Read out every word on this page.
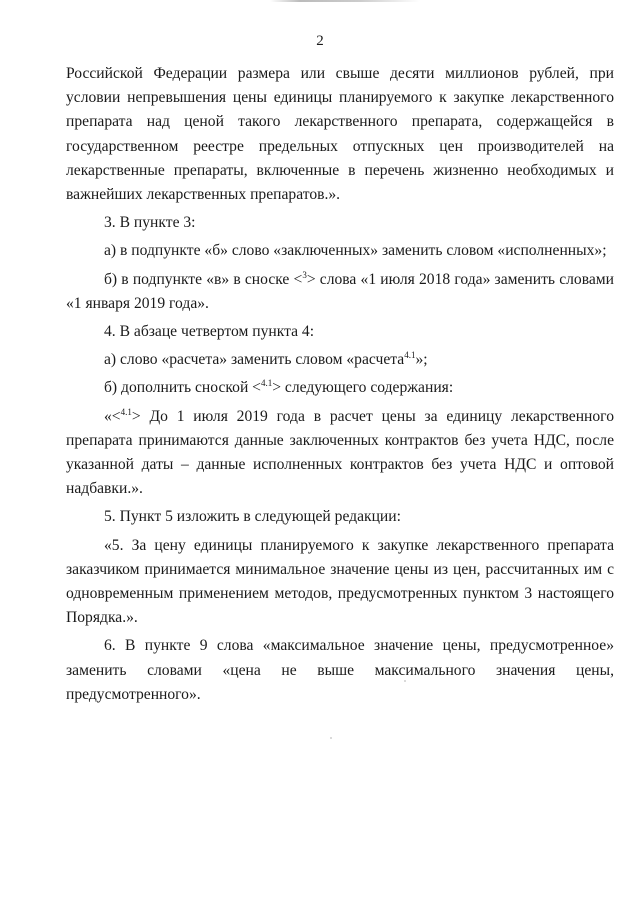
2

Российской Федерации размера или свыше десяти миллионов рублей, при условии непревышения цены единицы планируемого к закупке лекарственного препарата над ценой такого лекарственного препарата, содержащейся в государственном реестре предельных отпускных цен производителей на лекарственные препараты, включенные в перечень жизненно необходимых и важнейших лекарственных препаратов.».

3. В пункте 3:

а) в подпункте «б» слово «заключенных» заменить словом «исполненных»;

б) в подпункте «в» в сноске <$^3$> слова «1 июля 2018 года» заменить словами «1 января 2019 года».

4. В абзаце четвертом пункта 4:

а) слово «расчета» заменить словом «расчета$^{4.1}$»;

б) дополнить сноской <$^{4.1}$> следующего содержания:

«<$^{4.1}$> До 1 июля 2019 года в расчет цены за единицу лекарственного препарата принимаются данные заключенных контрактов без учета НДС, после указанной даты – данные исполненных контрактов без учета НДС и оптовой надбавки.».

5. Пункт 5 изложить в следующей редакции:

«5. За цену единицы планируемого к закупке лекарственного препарата заказчиком принимается минимальное значение цены из цен, рассчитанных им с одновременным применением методов, предусмотренных пунктом 3 настоящего Порядка.».

6. В пункте 9 слова «максимальное значение цены, предусмотренное» заменить словами «цена не выше максимального значения цены, предусмотренного».
